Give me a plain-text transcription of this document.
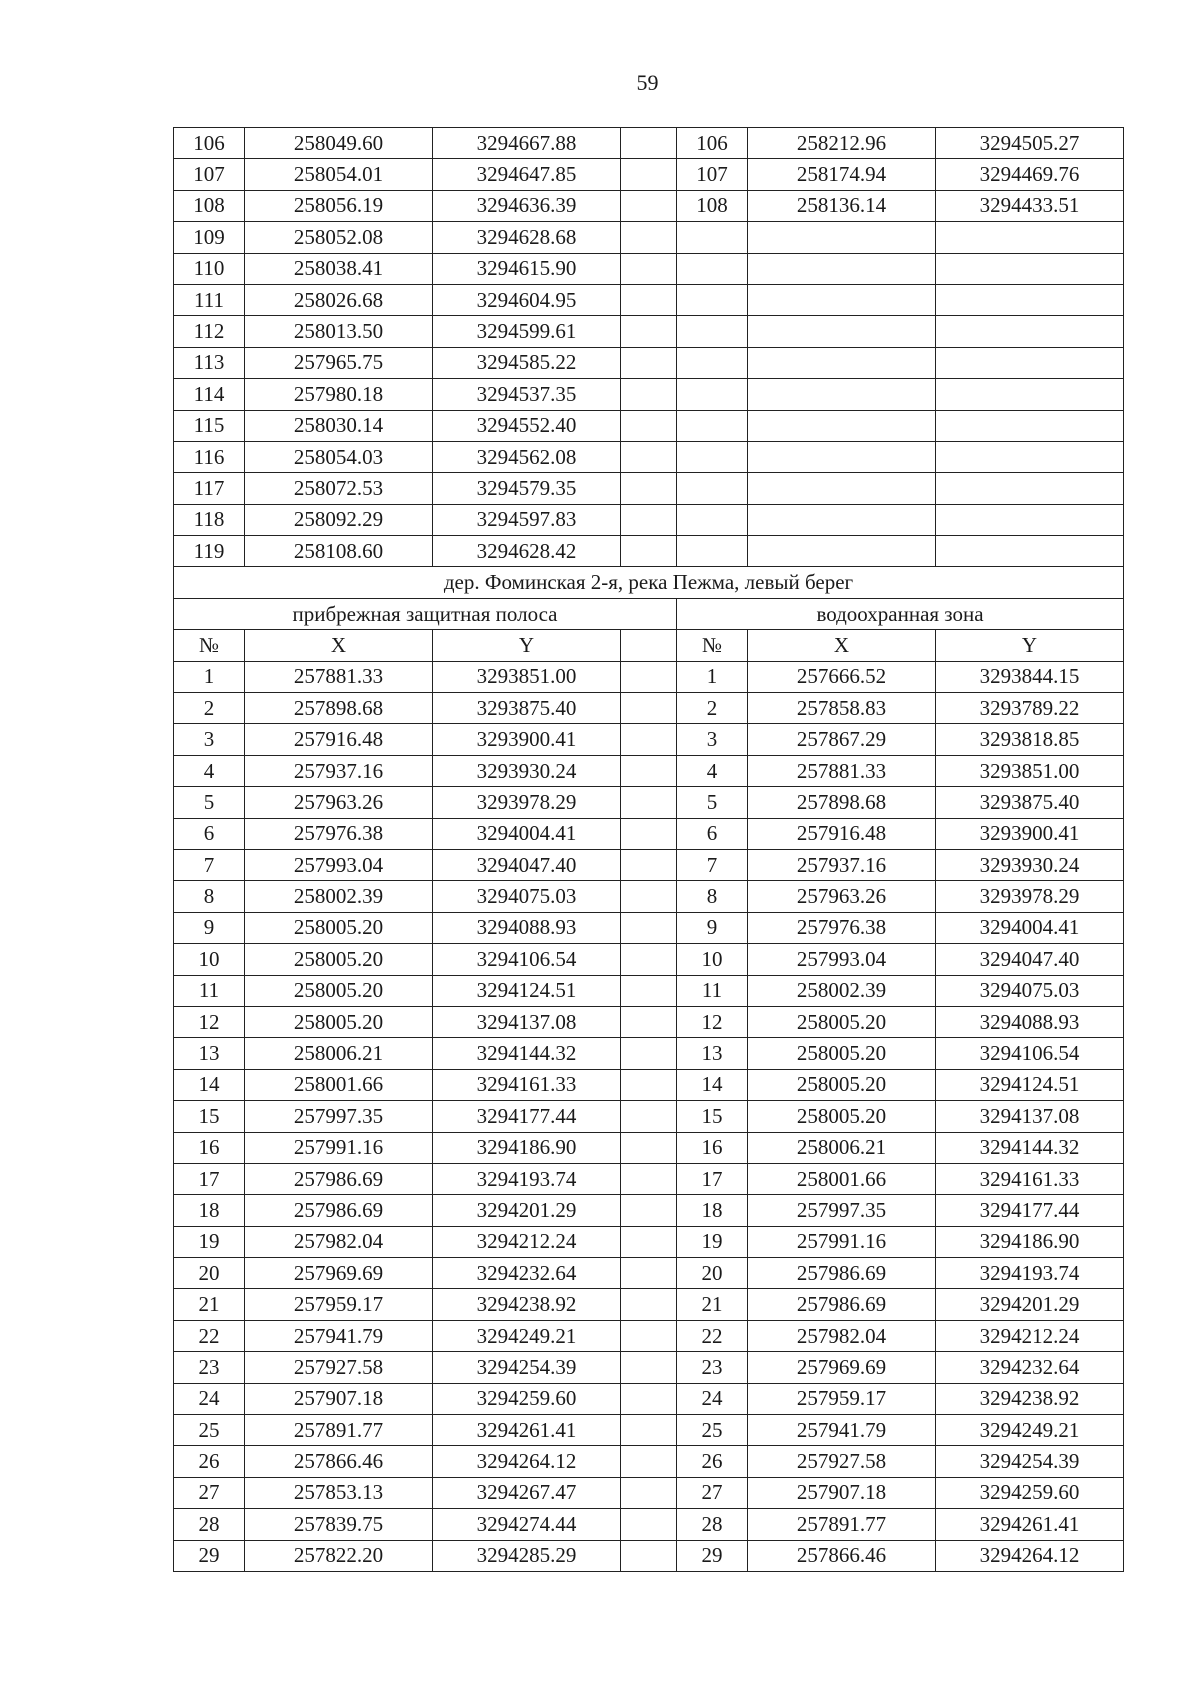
59
106	258049.60	3294667.88		106	258212.96	3294505.27
107	258054.01	3294647.85		107	258174.94	3294469.76
108	258056.19	3294636.39		108	258136.14	3294433.51
109	258052.08	3294628.68				
110	258038.41	3294615.90				
111	258026.68	3294604.95				
112	258013.50	3294599.61				
113	257965.75	3294585.22				
114	257980.18	3294537.35				
115	258030.14	3294552.40				
116	258054.03	3294562.08				
117	258072.53	3294579.35				
118	258092.29	3294597.83				
119	258108.60	3294628.42				
дер. Фоминская 2-я, река Пежма, левый берег						
прибрежная защитная полоса				водоохранная зона		
№	X	Y		№	X	Y
1	257881.33	3293851.00		1	257666.52	3293844.15
2	257898.68	3293875.40		2	257858.83	3293789.22
3	257916.48	3293900.41		3	257867.29	3293818.85
4	257937.16	3293930.24		4	257881.33	3293851.00
5	257963.26	3293978.29		5	257898.68	3293875.40
6	257976.38	3294004.41		6	257916.48	3293900.41
7	257993.04	3294047.40		7	257937.16	3293930.24
8	258002.39	3294075.03		8	257963.26	3293978.29
9	258005.20	3294088.93		9	257976.38	3294004.41
10	258005.20	3294106.54		10	257993.04	3294047.40
11	258005.20	3294124.51		11	258002.39	3294075.03
12	258005.20	3294137.08		12	258005.20	3294088.93
13	258006.21	3294144.32		13	258005.20	3294106.54
14	258001.66	3294161.33		14	258005.20	3294124.51
15	257997.35	3294177.44		15	258005.20	3294137.08
16	257991.16	3294186.90		16	258006.21	3294144.32
17	257986.69	3294193.74		17	258001.66	3294161.33
18	257986.69	3294201.29		18	257997.35	3294177.44
19	257982.04	3294212.24		19	257991.16	3294186.90
20	257969.69	3294232.64		20	257986.69	3294193.74
21	257959.17	3294238.92		21	257986.69	3294201.29
22	257941.79	3294249.21		22	257982.04	3294212.24
23	257927.58	3294254.39		23	257969.69	3294232.64
24	257907.18	3294259.60		24	257959.17	3294238.92
25	257891.77	3294261.41		25	257941.79	3294249.21
26	257866.46	3294264.12		26	257927.58	3294254.39
27	257853.13	3294267.47		27	257907.18	3294259.60
28	257839.75	3294274.44		28	257891.77	3294261.41
29	257822.20	3294285.29		29	257866.46	3294264.12
